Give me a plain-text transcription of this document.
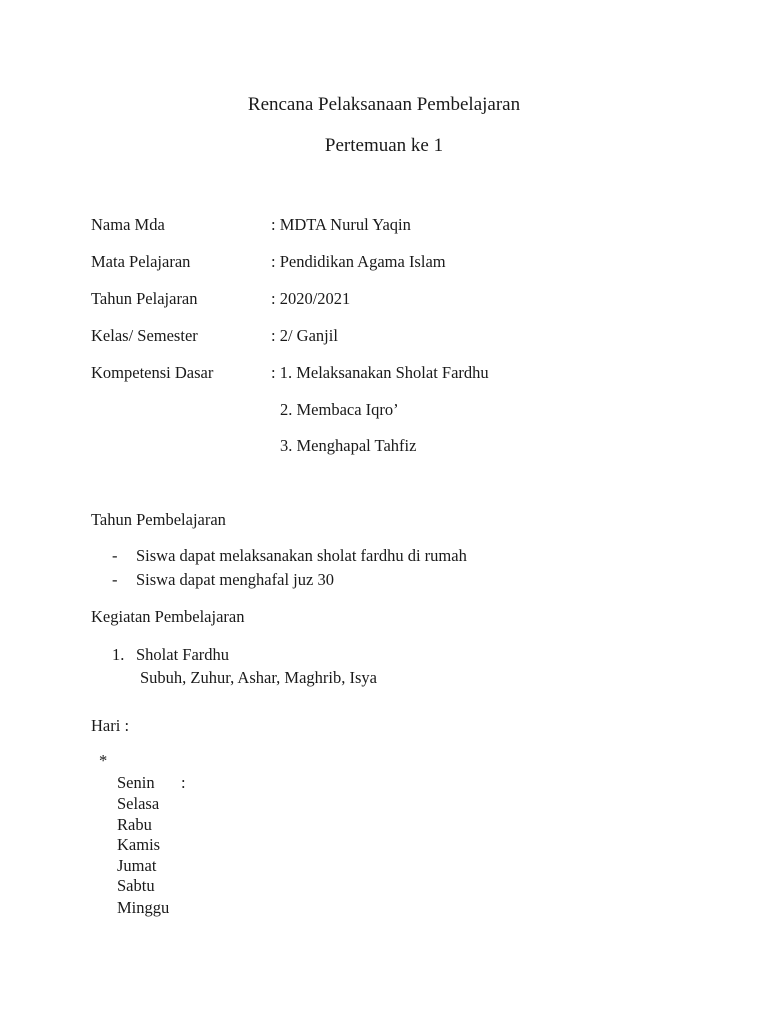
Rencana Pelaksanaan Pembelajaran
Pertemuan ke 1
Nama Mda	: MDTA Nurul Yaqin
Mata Pelajaran	: Pendidikan Agama Islam
Tahun Pelajaran	: 2020/2021
Kelas/ Semester	: 2/ Ganjil
Kompetensi Dasar	: 1. Melaksanakan Sholat Fardhu
2. Membaca Iqro’
3. Menghapal Tahfiz
Tahun Pembelajaran
- Siswa dapat melaksanakan sholat fardhu di rumah
- Siswa dapat menghafal juz 30
Kegiatan Pembelajaran
1. Sholat Fardhu
Subuh, Zuhur, Ashar, Maghrib, Isya
Hari :
*
Senin :
Selasa
Rabu
Kamis
Jumat
Sabtu
Minggu
